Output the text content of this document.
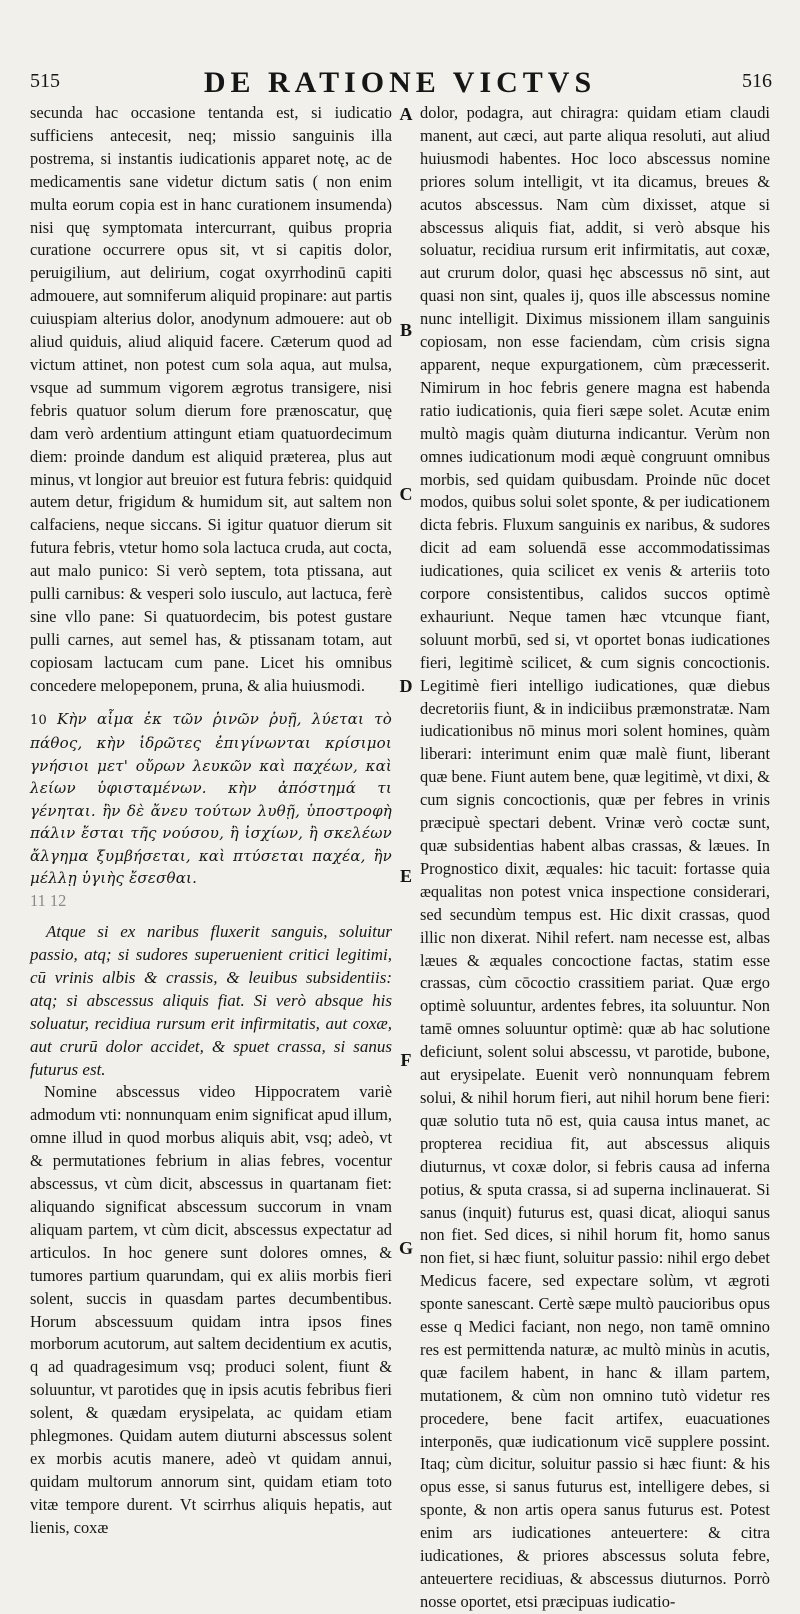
515	DE RATIONE VICTVS	516

secunda hac occasione tentanda est, si iudicatio sufficiens antecesit, neq; missio sanguinis illa postrema, si instantis iudicationis apparet notę, ac de medicamentis sane videtur dictum satis ( non enim multa eorum copia est in hanc curationem insumenda) nisi quę symptomata intercurrant, quibus propria curatione occurrere opus sit, vt si capitis dolor, peruigilium, aut delirium, cogat oxyrrhodinū capiti admouere, aut somniferum aliquid propinare: aut partis cuiuspiam alterius dolor, anodynum admouere: aut ob aliud quiduis, aliud aliquid facere. Cæterum quod ad victum attinet, non potest cum sola aqua, aut mulsa, vsque ad summum vigorem ægrotus transigere, nisi febris quatuor solum dierum fore prænoscatur, quę dam verò ardentium attingunt etiam quatuordecimum diem: proinde dandum est aliquid præterea, plus aut minus, vt longior aut breuior est futura febris: quidquid autem detur, frigidum & humidum sit, aut saltem non calfaciens, neque siccans. Si igitur quatuor dierum sit futura febris, vtetur homo sola lactuca cruda, aut cocta, aut malo punico: Si verò septem, tota ptissana, aut pulli carnibus: & vesperi solo iusculo, aut lactuca, ferè sine vllo pane: Si quatuordecim, bis potest gustare pulli carnes, aut semel has, & ptissanam totam, aut copiosam lactucam cum pane. Licet his omnibus concedere melopeponem, pruna, & alia huiusmodi.

10 Κὴν αἷμα ἐκ τῶν ῥινῶν ῥυῇ, λύεται τὸ πάθος, κὴν ἱδρῶτες ἐπιγίνωνται κρίσιμοι γνήσιοι μετ' οὔρων λευκῶν καὶ παχέων, καὶ λείων ὑφισταμένων. κὴν ἀπόστημά τι γένηται. ἢν δὲ ἄνευ τούτων λυθῇ, ὑποστροφὴ πάλιν ἔσται τῆς νούσου, ἢ ἰσχίων, ἢ σκελέων ἄλγημα ξυμβήσεται, καὶ πτύσεται παχέα, ἢν μέλλῃ ὑγιὴς ἔσεσθαι.

11 12

Atque si ex naribus fluxerit sanguis, soluitur passio, atq; si sudores superuenient critici legitimi, cū vrinis albis & crassis, & leuibus subsidentiis: atq; si abscessus aliquis fiat. Si verò absque his soluatur, recidiua rursum erit infirmitatis, aut coxæ, aut crurū dolor accidet, & spuet crassa, si sanus futurus est.

Nomine abscessus video Hippocratem variè admodum vti: nonnunquam enim significat apud illum, omne illud in quod morbus aliquis abit, vsq; adeò, vt & permutationes febrium in alias febres, vocentur abscessus, vt cùm dicit, abscessus in quartanam fiet: aliquando significat abscessum succorum in vnam aliquam partem, vt cùm dicit, abscessus expectatur ad articulos. In hoc genere sunt dolores omnes, & tumores partium quarundam, qui ex aliis morbis fieri solent, succis in quasdam partes decumbentibus. Horum abscessuum quidam intra ipsos fines morborum acutorum, aut saltem decidentium ex acutis, q ad quadragesimum vsq; produci solent, fiunt & soluuntur, vt parotides quę in ipsis acutis febribus fieri solent, & quædam erysipelata, ac quidam etiam phlegmones. Quidam autem diuturni abscessus solent ex morbis acutis manere, adeò vt quidam annui, quidam multorum annorum sint, quidam etiam toto vitæ tempore durent. Vt scirrhus aliquis hepatis, aut lienis, coxæ

A
B
C
D
E
F
G

dolor, podagra, aut chiragra: quidam etiam claudi manent, aut cæci, aut parte aliqua resoluti, aut aliud huiusmodi habentes. Hoc loco abscessus nomine priores solum intelligit, vt ita dicamus, breues & acutos abscessus. Nam cùm dixisset, atque si abscessus aliquis fiat, addit, si verò absque his soluatur, recidiua rursum erit infirmitatis, aut coxæ, aut crurum dolor, quasi hęc abscessus nō sint, aut quasi non sint, quales ij, quos ille abscessus nomine nunc intelligit. Diximus missionem illam sanguinis copiosam, non esse faciendam, cùm crisis signa apparent, neque expurgationem, cùm præcesserit. Nimirum in hoc febris genere magna est habenda ratio iudicationis, quia fieri sæpe solet. Acutæ enim multò magis quàm diuturna indicantur. Verùm non omnes iudicationum modi æquè congruunt omnibus morbis, sed quidam quibusdam. Proinde nūc docet modos, quibus solui solet sponte, & per iudicationem dicta febris. Fluxum sanguinis ex naribus, & sudores dicit ad eam soluendā esse accommodatissimas iudicationes, quia scilicet ex venis & arteriis toto corpore consistentibus, calidos succos optimè exhauriunt. Neque tamen hæc vtcunque fiant, soluunt morbū, sed si, vt oportet bonas iudicationes fieri, legitimè scilicet, & cum signis concoctionis. Legitimè fieri intelligo iudicationes, quæ diebus decretoriis fiunt, & in indiciibus præmonstratæ. Nam iudicationibus nō minus mori solent homines, quàm liberari: interimunt enim quæ malè fiunt, liberant quæ bene. Fiunt autem bene, quæ legitimè, vt dixi, & cum signis concoctionis, quæ per febres in vrinis præcipuè spectari debent. Vrinæ verò coctæ sunt, quæ subsidentias habent albas crassas, & læues. In Prognostico dixit, æquales: hic tacuit: fortasse quia æqualitas non potest vnica inspectione considerari, sed secundùm tempus est. Hic dixit crassas, quod illic non dixerat. Nihil refert. nam necesse est, albas læues & æquales concoctione factas, statim esse crassas, cùm cōcoctio crassitiem pariat. Quæ ergo optimè soluuntur, ardentes febres, ita soluuntur. Non tamē omnes soluuntur optimè: quæ ab hac solutione deficiunt, solent solui abscessu, vt parotide, bubone, aut erysipelate. Euenit verò nonnunquam febrem solui, & nihil horum fieri, aut nihil horum bene fieri: quæ solutio tuta nō est, quia causa intus manet, ac propterea recidiua fit, aut abscessus aliquis diuturnus, vt coxæ dolor, si febris causa ad inferna potius, & sputa crassa, si ad superna inclinauerat. Si sanus (inquit) futurus est, quasi dicat, alioqui sanus non fiet. Sed dices, si nihil horum fit, homo sanus non fiet, si hæc fiunt, soluitur passio: nihil ergo debet Medicus facere, sed expectare solùm, vt ægroti sponte sanescant. Certè sæpe multò paucioribus opus esse q Medici faciant, non nego, non tamē omnino res est permittenda naturæ, ac multò minùs in acutis, quæ facilem habent, in hanc & illam partem, mutationem, & cùm non omnino tutò videtur res procedere, bene facit artifex, euacuationes interponēs, quæ iudicationum vicē supplere possint. Itaq; cùm dicitur, soluitur passio si hæc fiunt: & his opus esse, si sanus futurus est, intelligere debes, si sponte, & non artis opera sanus futurus est. Potest enim ars iudicationes anteuertere: & citra iudicationes, & priores abscessus soluta febre, anteuertere recidiuas, & abscessus diuturnos. Porrò nosse oportet, etsi præcipuas iudicatio-
